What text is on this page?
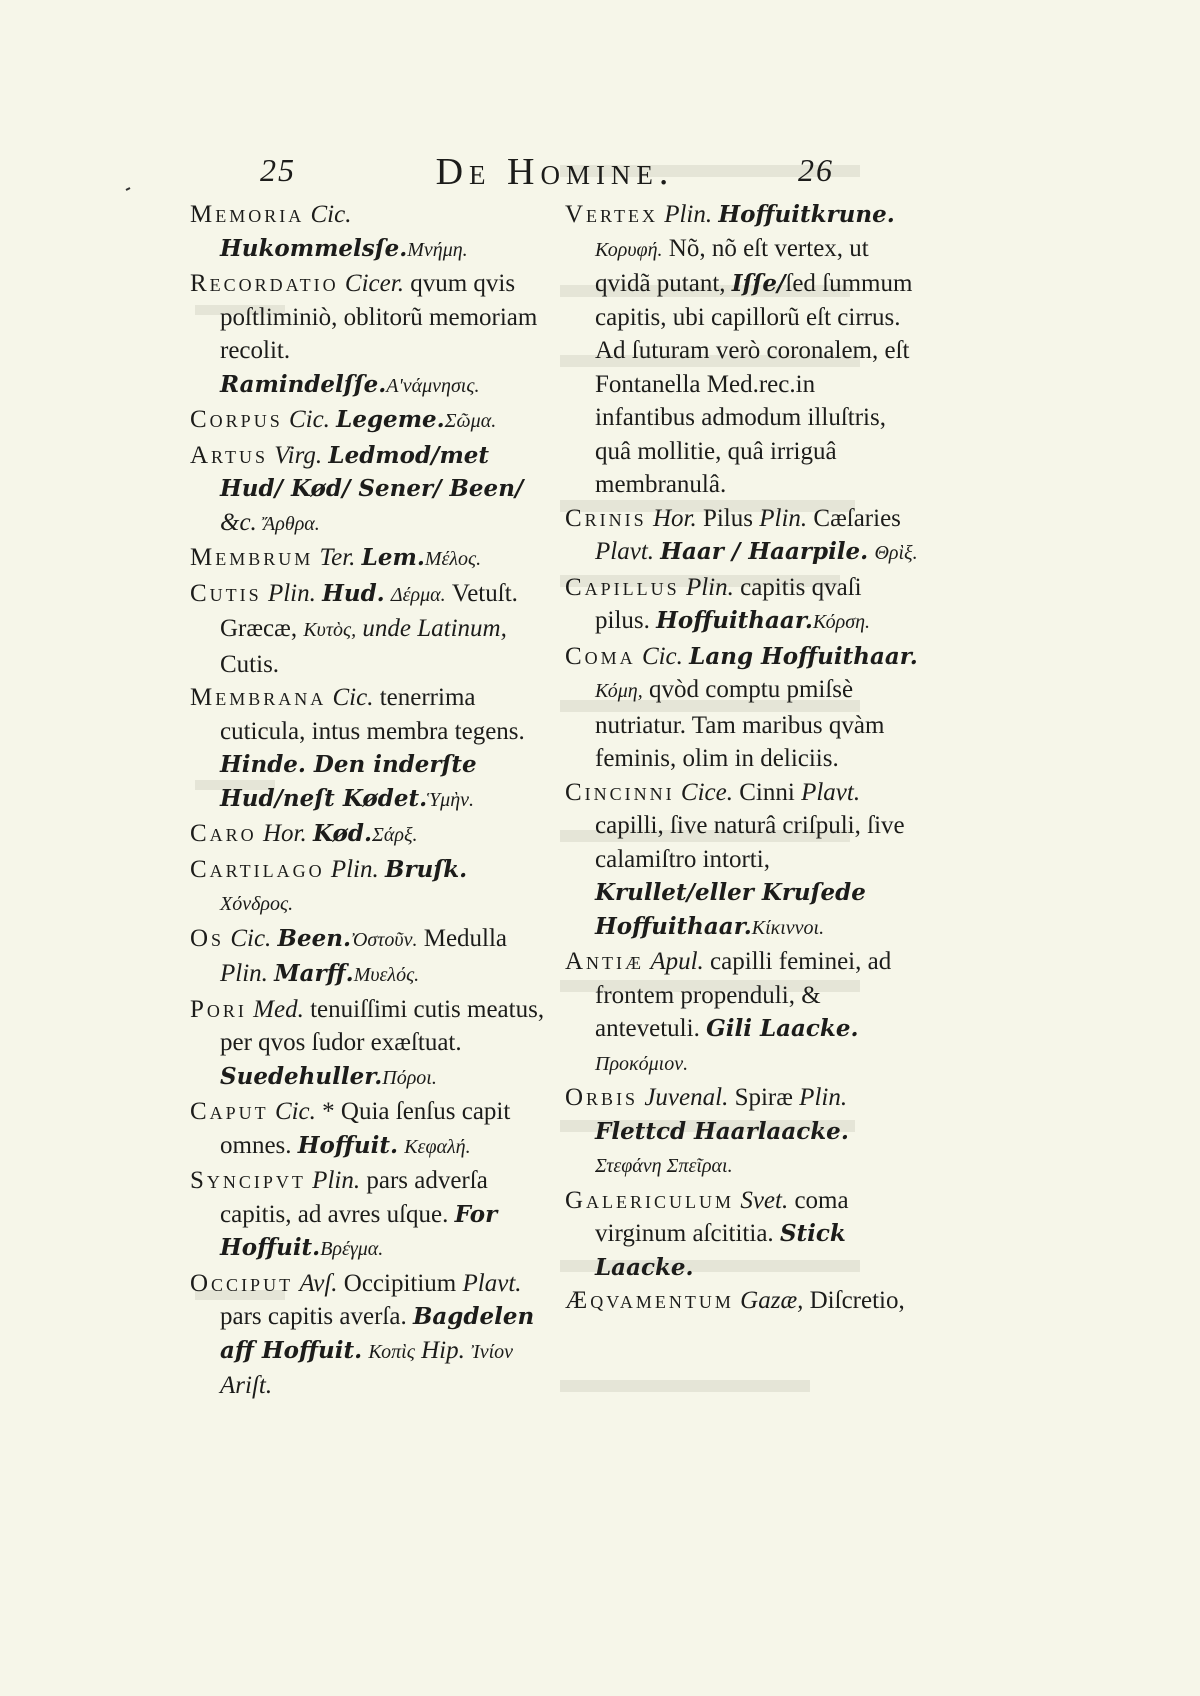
25	De Homine.	26
Memoria Cic. Hukommelsſe.Μνήμη.
Recordatio Cicer. qvum qvis poſtliminiò, oblitorũ memoriam recolit. Ramindelſſe.Α'νάμνησις.
Corpus Cic. Legeme.Σῶμα.
Artus Virg. Ledmod/met Hud/ Kød/ Sener/ Been/ &c. Ἄρθρα.
Membrum Ter. Lem.Μέλος.
Cutis Plin. Hud. Δέρμα. Vetuſt. Græcæ, Κυτὸς, unde Latinum, Cutis.
Membrana Cic. tenerrima cuticula, intus membra tegens. Hinde. Den inderſte Hud/neſt Kødet.Ὑμὴν.
Caro Hor. Kød.Σάρξ.
Cartilago Plin. Bruſk. Χόνδρος.
Os Cic. Been.Ὀστοῦν. Medulla Plin. Marff.Μυελός.
Pori Med. tenuiſſimi cutis meatus, per qvos ſudor exæſtuat. Suedehuller.Πόροι.
Caput Cic. * Quia ſenſus capit omnes. Hoffuit. Κεφαλή.
Syncipvt Plin. pars adverſa capitis, ad avres uſque. For Hoffuit.Βρέγμα.
Occiput Avſ. Occipitium Plavt. pars capitis averſa. Bagdelen aff Hoffuit. Κοπὶς Hip. Ἰνίον Ariſt.
Vertex Plin. Hoffuitkrune. Κορυφή. Nõ, nõ eſt vertex, ut qvidã putant, Iſſe/ſed ſummum capitis, ubi capillorũ eſt cirrus. Ad ſuturam verò coronalem, eſt Fontanella Med.rec.in infantibus admodum illuſtris, quâ mollitie, quâ irriguâ membranulâ.
Crinis Hor. Pilus Plin. Cæſaries Plavt. Haar / Haarpile. Θρὶξ.
Capillus Plin. capitis qvaſi pilus. Hoffuithaar.Κόρση.
Coma Cic. Lang Hoffuithaar. Κόμη, qvòd comptu pmiſsè nutriatur. Tam maribus qvàm feminis, olim in deliciis.
Cincinni Cice. Cinni Plavt. capilli, ſive naturâ criſpuli, ſive calamiſtro intorti, Krullet/eller Kruſede Hoffuithaar.Κίκιννοι.
Antiæ Apul. capilli feminei, ad frontem propenduli, & antevetuli. Gili Laacke. Προκόμιον.
Orbis Juvenal. Spiræ Plin. Flettcd Haarlaacke. Στεφάνη Σπεῖραι.
Galericulum Svet. coma virginum aſcititia. Stick Laacke.
Æqvamentum Gazæ, Diſcretio,
